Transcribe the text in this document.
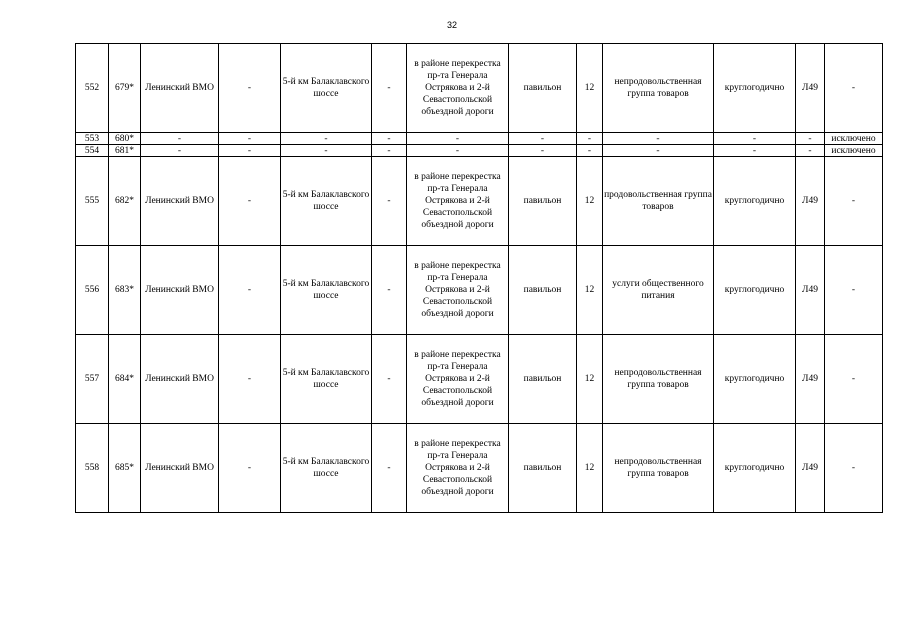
32
552	679*	Ленинский ВМО	-	5-й км Балаклавского шоссе	-	в районе перекрестка пр-та Генерала Острякова и 2-й Севастопольской объездной дороги	павильон	12	непродовольственная группа товаров	круглогодично	Л49	-
553	680*	-	-	-	-	-	-	-	-	-	-	исключено
554	681*	-	-	-	-	-	-	-	-	-	-	исключено
555	682*	Ленинский ВМО	-	5-й км Балаклавского шоссе	-	в районе перекрестка пр-та Генерала Острякова и 2-й Севастопольской объездной дороги	павильон	12	продовольственная группа товаров	круглогодично	Л49	-
556	683*	Ленинский ВМО	-	5-й км Балаклавского шоссе	-	в районе перекрестка пр-та Генерала Острякова и 2-й Севастопольской объездной дороги	павильон	12	услуги общественного питания	круглогодично	Л49	-
557	684*	Ленинский ВМО	-	5-й км Балаклавского шоссе	-	в районе перекрестка пр-та Генерала Острякова и 2-й Севастопольской объездной дороги	павильон	12	непродовольственная группа товаров	круглогодично	Л49	-
558	685*	Ленинский ВМО	-	5-й км Балаклавского шоссе	-	в районе перекрестка пр-та Генерала Острякова и 2-й Севастопольской объездной дороги	павильон	12	непродовольственная группа товаров	круглогодично	Л49	-
